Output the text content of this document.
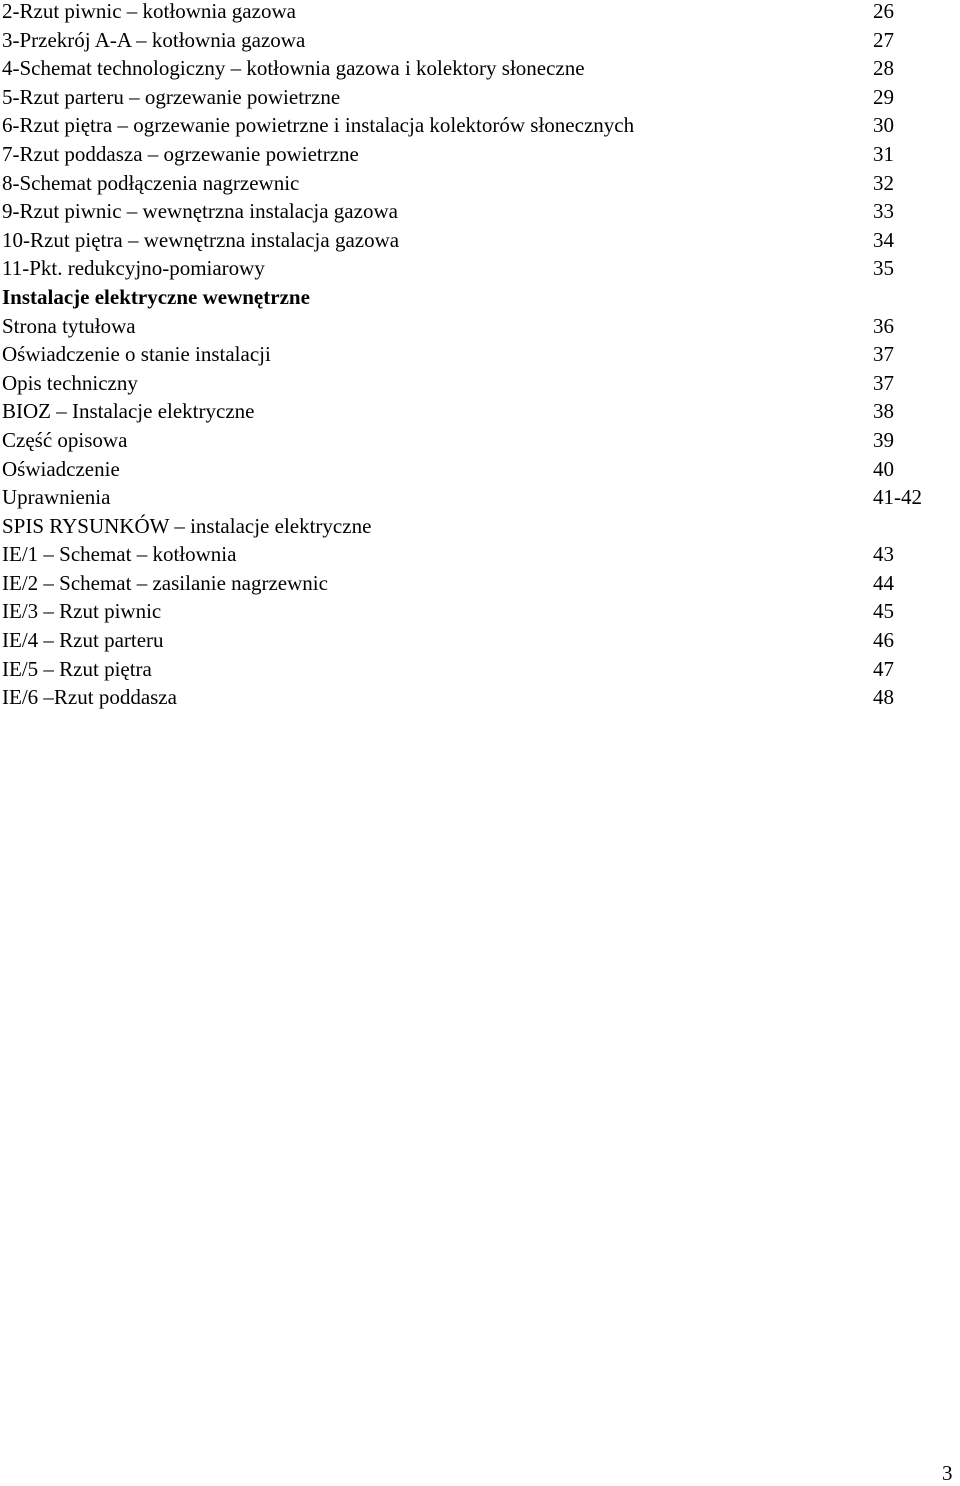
2-Rzut piwnic – kotłownia gazowa	26
3-Przekrój A-A – kotłownia gazowa	27
4-Schemat technologiczny – kotłownia gazowa i kolektory słoneczne	28
5-Rzut parteru – ogrzewanie powietrzne	29
6-Rzut piętra – ogrzewanie powietrzne i instalacja kolektorów słonecznych	30
7-Rzut poddasza – ogrzewanie powietrzne	31
8-Schemat podłączenia nagrzewnic	32
9-Rzut piwnic – wewnętrzna instalacja gazowa	33
10-Rzut piętra – wewnętrzna instalacja gazowa	34
11-Pkt. redukcyjno-pomiarowy	35
Instalacje elektryczne wewnętrzne
Strona tytułowa	36
Oświadczenie o stanie instalacji	37
Opis techniczny	37
BIOZ – Instalacje elektryczne	38
Część opisowa	39
Oświadczenie	40
Uprawnienia	41-42
SPIS RYSUNKÓW – instalacje elektryczne
IE/1 – Schemat – kotłownia	43
IE/2 – Schemat – zasilanie nagrzewnic	44
IE/3 – Rzut piwnic	45
IE/4 – Rzut parteru	46
IE/5 – Rzut piętra	47
IE/6 –Rzut poddasza	48
3
